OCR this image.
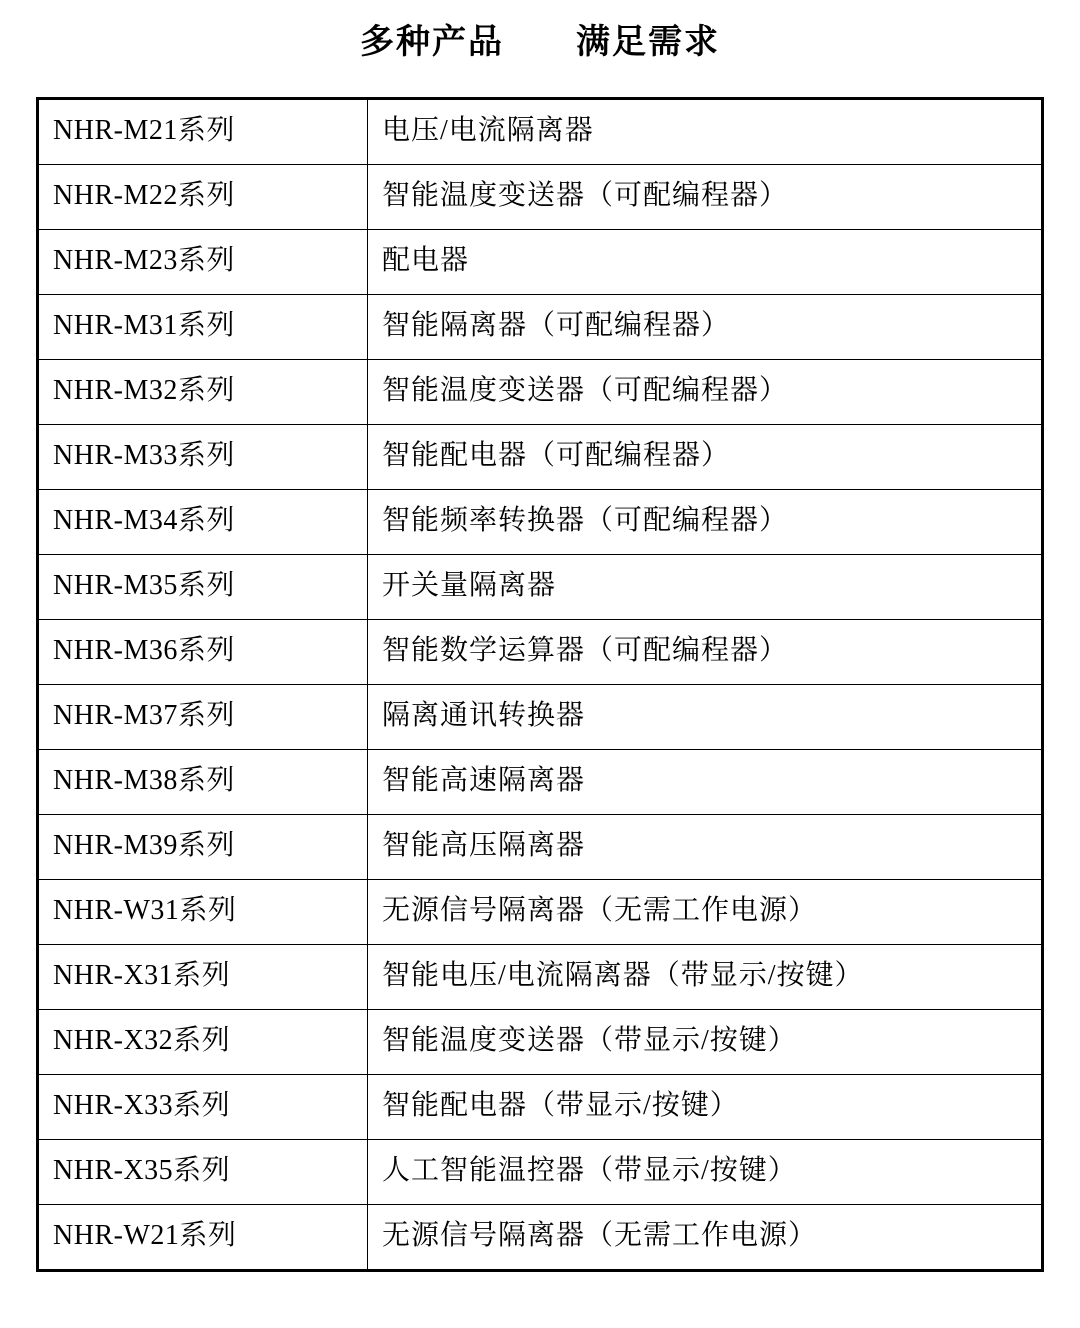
多种产品　　满足需求
NHR-M21系列	电压/电流隔离器
NHR-M22系列	智能温度变送器（可配编程器）
NHR-M23系列	配电器
NHR-M31系列	智能隔离器（可配编程器）
NHR-M32系列	智能温度变送器（可配编程器）
NHR-M33系列	智能配电器（可配编程器）
NHR-M34系列	智能频率转换器（可配编程器）
NHR-M35系列	开关量隔离器
NHR-M36系列	智能数学运算器（可配编程器）
NHR-M37系列	隔离通讯转换器
NHR-M38系列	智能高速隔离器
NHR-M39系列	智能高压隔离器
NHR-W31系列	无源信号隔离器（无需工作电源）
NHR-X31系列	智能电压/电流隔离器（带显示/按键）
NHR-X32系列	智能温度变送器（带显示/按键）
NHR-X33系列	智能配电器（带显示/按键）
NHR-X35系列	人工智能温控器（带显示/按键）
NHR-W21系列	无源信号隔离器（无需工作电源）
